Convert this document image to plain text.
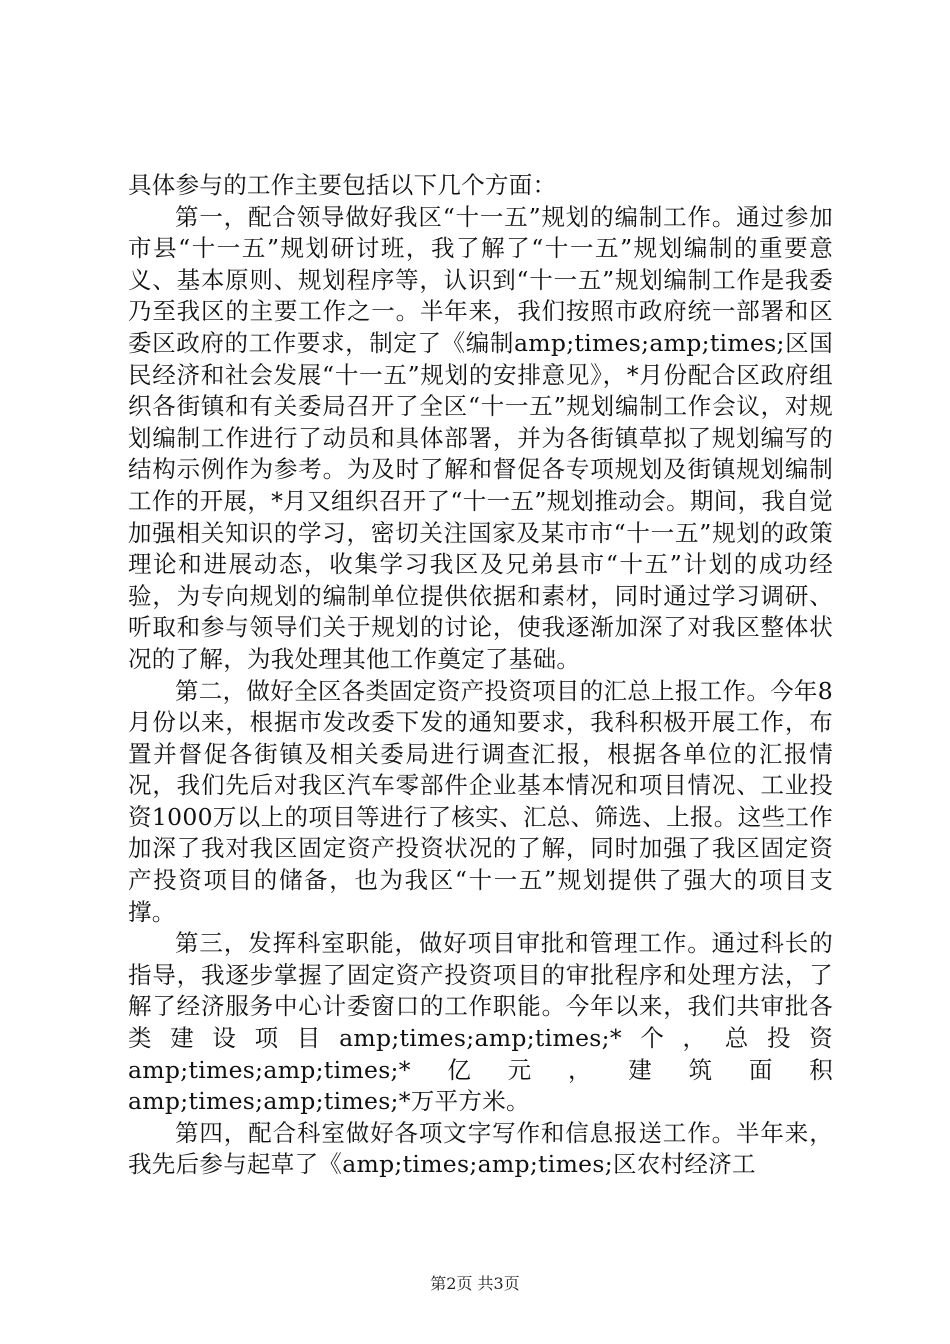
具体参与的工作主要包括以下几个方面：

第一，配合领导做好我区“十一五”规划的编制工作。通过参加市县“十一五”规划研讨班，我了解了“十一五”规划编制的重要意义、基本原则、规划程序等，认识到“十一五”规划编制工作是我委乃至我区的主要工作之一。半年来，我们按照市政府统一部署和区委区政府的工作要求，制定了《编制amp;times;amp;times;区国民经济和社会发展“十一五”规划的安排意见》，*月份配合区政府组织各街镇和有关委局召开了全区“十一五”规划编制工作会议，对规划编制工作进行了动员和具体部署，并为各街镇草拟了规划编写的结构示例作为参考。为及时了解和督促各专项规划及街镇规划编制工作的开展，*月又组织召开了“十一五”规划推动会。期间，我自觉加强相关知识的学习，密切关注国家及某市市“十一五”规划的政策理论和进展动态，收集学习我区及兄弟县市“十五”计划的成功经验，为专向规划的编制单位提供依据和素材，同时通过学习调研、听取和参与领导们关于规划的讨论，使我逐渐加深了对我区整体状况的了解，为我处理其他工作奠定了基础。

第二，做好全区各类固定资产投资项目的汇总上报工作。今年8月份以来，根据市发改委下发的通知要求，我科积极开展工作，布置并督促各街镇及相关委局进行调查汇报，根据各单位的汇报情况，我们先后对我区汽车零部件企业基本情况和项目情况、工业投资1000万以上的项目等进行了核实、汇总、筛选、上报。这些工作加深了我对我区固定资产投资状况的了解，同时加强了我区固定资产投资项目的储备，也为我区“十一五”规划提供了强大的项目支撑。

第三，发挥科室职能，做好项目审批和管理工作。通过科长的指导，我逐步掌握了固定资产投资项目的审批程序和处理方法，了解了经济服务中心计委窗口的工作职能。今年以来，我们共审批各类建设项目amp;times;amp;times;*个，总投资amp;times;amp;times;*亿元，建筑面积amp;times;amp;times;*万平方米。

第四，配合科室做好各项文字写作和信息报送工作。半年来，我先后参与起草了《amp;times;amp;times;区农村经济工

第2页 共3页
